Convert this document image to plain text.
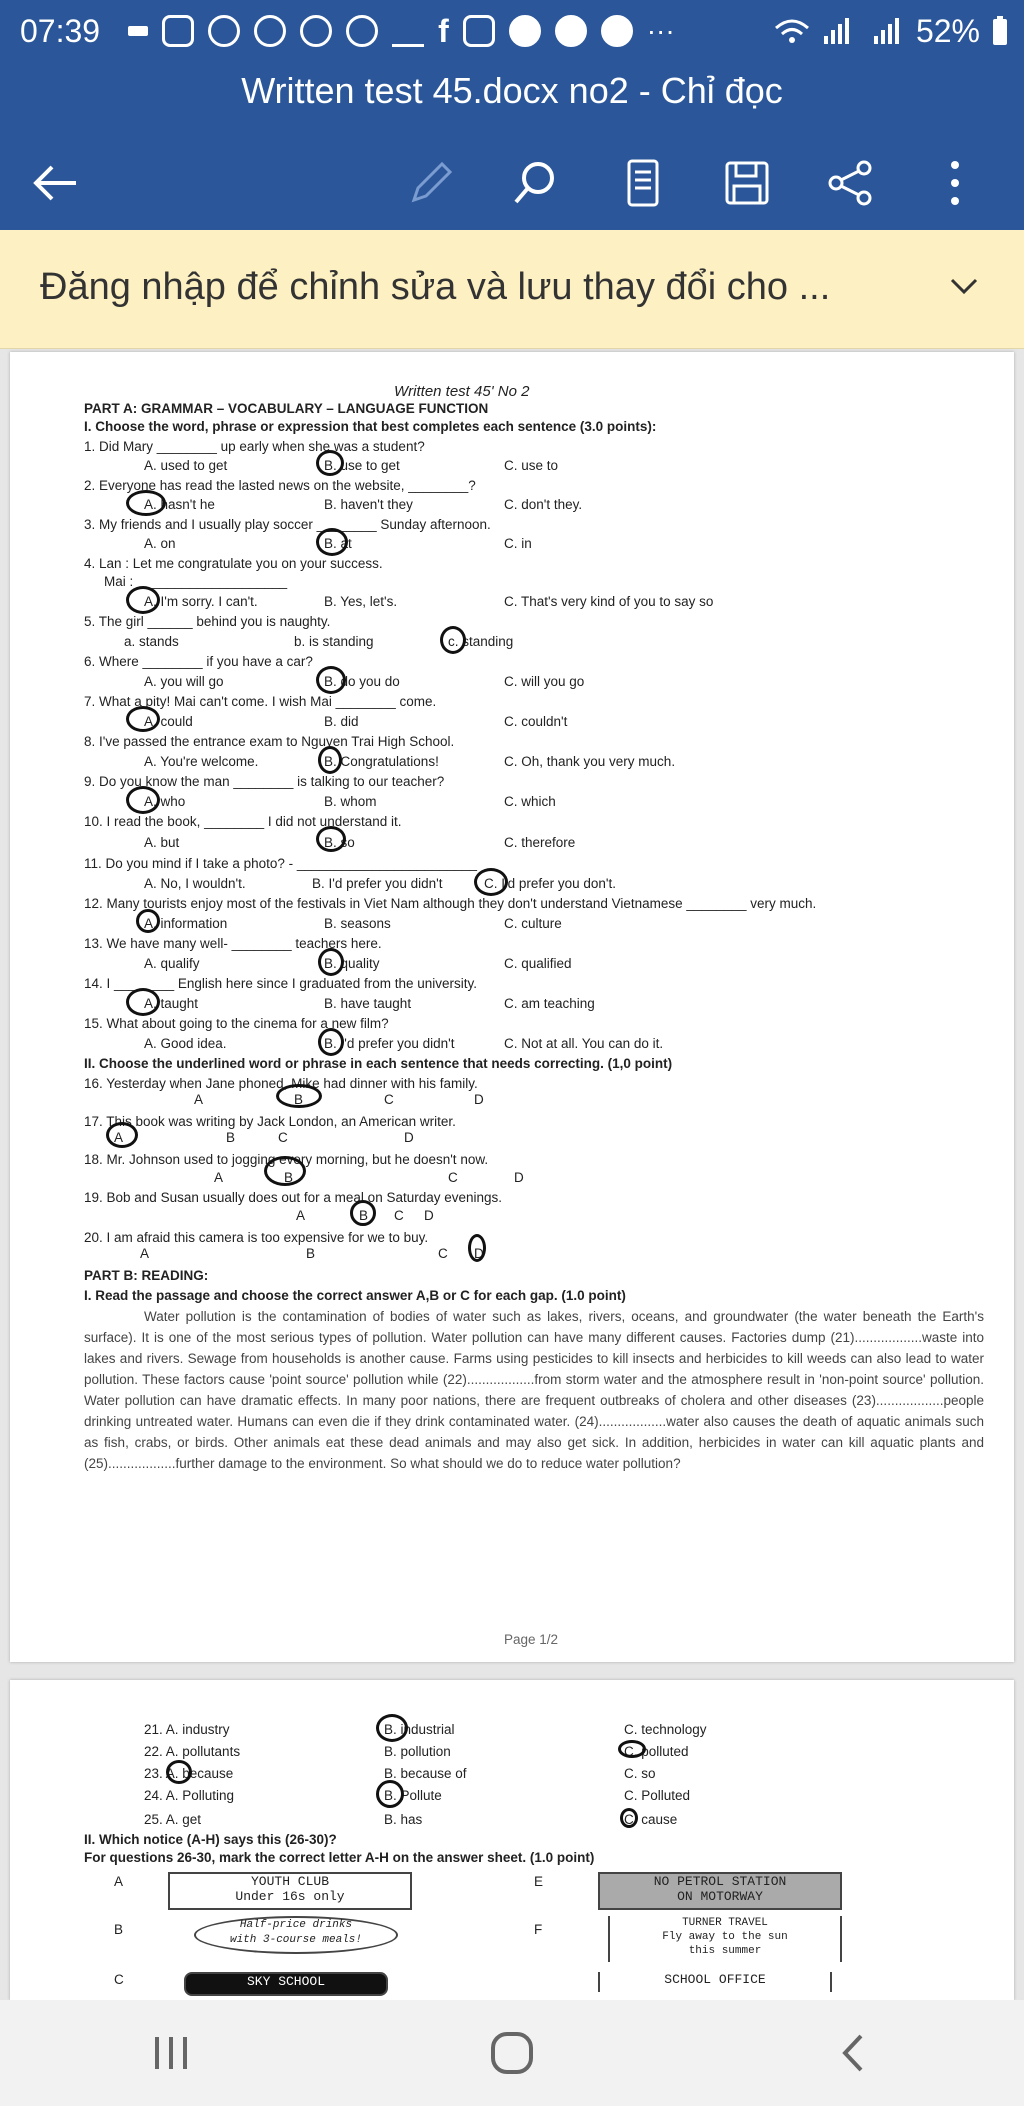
07:39	f	···	52%
Written test 45.docx no2 - Chỉ đọc
Đăng nhập để chỉnh sửa và lưu thay đổi cho ...
Written test 45' No 2
PART A: GRAMMAR – VOCABULARY – LANGUAGE FUNCTION
I. Choose the word, phrase or expression that best completes each sentence (3.0 points):
1. Did Mary ________ up early when she was a student?
A. used to get	B. use to get	C. use to
2. Everyone has read the lasted news on the website, ________?
A. hasn't he	B. haven't they	C. don't they.
3. My friends and I usually play soccer ________ Sunday afternoon.
A. on	B. at	C. in
4. Lan : Let me congratulate you on your success.
Mai : ____________________
A. I'm sorry. I can't.	B. Yes, let's.	C. That's very kind of you to say so
5. The girl ______ behind you is naughty.
a. stands	b. is standing	c. standing
6. Where ________ if you have a car?
A. you will go	B. do you do	C. will you go
7. What a pity! Mai can't come. I wish Mai ________ come.
A. could	B. did	C. couldn't
8. I've passed the entrance exam to Nguyen Trai High School.
A. You're welcome.	B. Congratulations!	C. Oh, thank you very much.
9. Do you know the man ________ is talking to our teacher?
A. who	B. whom	C. which
10. I read the book, ________ I did not understand it.
A. but	B. so	C. therefore
11. Do you mind if I take a photo? - ________________________
A. No, I wouldn't.	B. I'd prefer you didn't	C. I'd prefer you don't.
12. Many tourists enjoy most of the festivals in Viet Nam although they don't understand Vietnamese ________ very much.
A. information	B. seasons	C. culture
13. We have many well- ________ teachers here.
A. qualify	B. quality	C. qualified
14. I ________ English here since I graduated from the university.
A. taught	B. have taught	C. am teaching
15. What about going to the cinema for a new film?
A. Good idea.	B. I'd prefer you didn't	C. Not at all. You can do it.
II. Choose the underlined word or phrase in each sentence that needs correcting. (1,0 point)
16. Yesterday when Jane phoned, Mike had dinner with his family.
A	B	C	D
17. This book was writing by Jack London, an American writer.
A	B	C	D
18. Mr. Johnson used to jogging every morning, but he doesn't now.
A	B	C	D
19. Bob and Susan usually does out for a meal on Saturday evenings.
A	B C D
20. I am afraid this camera is too expensive for we to buy.
A	B	C D
PART B: READING:
I. Read the passage and choose the correct answer A,B or C for each gap. (1.0 point)
Water pollution is the contamination of bodies of water such as lakes, rivers, oceans, and groundwater (the water beneath the Earth's surface). It is one of the most serious types of pollution. Water pollution can have many different causes. Factories dump (21)..................waste into lakes and rivers. Sewage from households is another cause. Farms using pesticides to kill insects and herbicides to kill weeds can also lead to water pollution. These factors cause 'point source' pollution while (22)..................from storm water and the atmosphere result in 'non-point source' pollution. Water pollution can have dramatic effects. In many poor nations, there are frequent outbreaks of cholera and other diseases (23)..................people drinking untreated water. Humans can even die if they drink contaminated water. (24)..................water also causes the death of aquatic animals such as fish, crabs, or birds. Other animals eat these dead animals and may also get sick. In addition, herbicides in water can kill aquatic plants and (25)..................further damage to the environment. So what should we do to reduce water pollution?
Page 1/2
21. A. industry	B. industrial	C. technology
22. A. pollutants	B. pollution	C. polluted
23. A. because	B. because of	C. so
24. A. Polluting	B. Pollute	C. Polluted
25. A. get	B. has	C. cause
II. Which notice (A-H) says this (26-30)?
For questions 26-30, mark the correct letter A-H on the answer sheet. (1.0 point)
A	YOUTH CLUB
Under 16s only
E	NO PETROL STATION
ON MOTORWAY
B	Half-price drinks
with 3-course meals!
F	TURNER TRAVEL
Fly away to the sun
this summer
C	SKY SCHOOL	SCHOOL OFFICE
